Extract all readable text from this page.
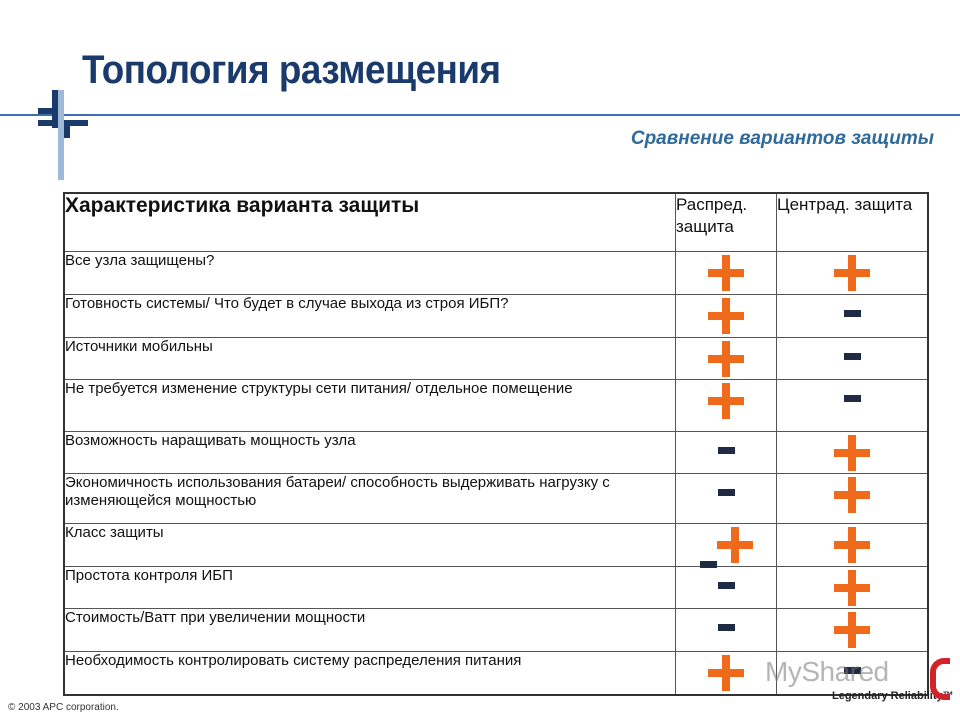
Топология размещения
Сравнение вариантов защиты
Характеристика варианта защиты	Распред. защита	Центрад. защита
Все узла защищены?	

Готовность системы/ Что будет в случае выхода из строя ИБП?	

Источники мобильны	

Не требуется изменение структуры сети питания/ отдельное помещение	

Возможность наращивать мощность узла	

Экономичность использования батареи/ способность выдерживать нагрузку с изменяющейся мощностью	

Класс защиты	

Простота контроля ИБП	

Стоимость/Ватт при увеличении мощности	

Необходимость контролировать систему распределения питания	

© 2003 APC corporation.
MyShared
Legendary Reliability™
